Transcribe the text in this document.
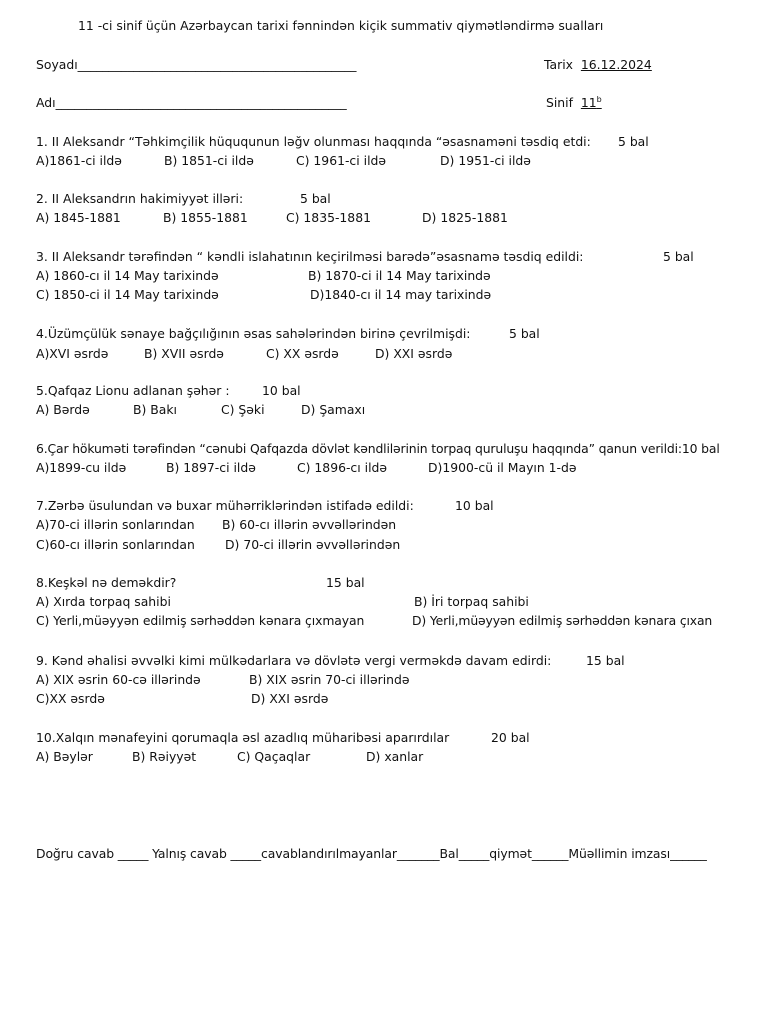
11 -ci sinif üçün Azərbaycan tarixi fənnindən kiçik summativ qiymətləndirmə sualları
Soyadı_____________________________________________	Tarix 16.12.2024
Adı_______________________________________________	Sinif 11$^b$
1. II Aleksandr “Təhkimçilik hüququnun ləğv olunması haqqında “əsasnaməni təsdiq etdi: 5 bal
A)1861-ci ildə	B) 1851-ci ildə	C) 1961-ci ildə	D) 1951-ci ildə
2. II Aleksandrın hakimiyyət illəri:	5 bal
A) 1845-1881	B) 1855-1881	C) 1835-1881	D) 1825-1881
3. II Aleksandr tərəfindən “ kəndli islahatının keçirilməsi barədə”əsasnamə təsdiq edildi:	5 bal
A) 1860-cı il 14 May tarixində	B) 1870-ci il 14 May tarixində
C) 1850-ci il 14 May tarixində	D)1840-cı il 14 may tarixində
4.Üzümçülük sənaye bağçılığının əsas sahələrindən birinə çevrilmişdi:	5 bal
A)XVI əsrdə	B) XVII əsrdə	C) XX əsrdə	D) XXI əsrdə
5.Qafqaz Lionu adlanan şəhər :	10 bal
A) Bərdə	B) Bakı	C) Şəki	D) Şamaxı
6.Çar hökuməti tərəfindən “cənubi Qafqazda dövlət kəndlilərinin torpaq quruluşu haqqında” qanun verildi:10 bal
A)1899-cu ildə	B) 1897-ci ildə	C) 1896-cı ildə	D)1900-cü il Mayın 1-də
7.Zərbə üsulundan və buxar mühərriklərindən istifadə edildi:	10 bal
A)70-ci illərin sonlarından B) 60-cı illərin əvvəllərindən
C)60-cı illərin sonlarından D) 70-ci illərin əvvəllərindən
8.Keşkəl nə deməkdir?	15 bal
A) Xırda torpaq sahibi	B) İri torpaq sahibi
C) Yerli,müəyyən edilmiş sərhəddən kənara çıxmayan	D) Yerli,müəyyən edilmiş sərhəddən kənara çıxan
9. Kənd əhalisi əvvəlki kimi mülkədarlara və dövlətə vergi verməkdə davam edirdi:	15 bal
A) XIX əsrin 60-cə illərində	B) XIX əsrin 70-ci illərində
C)XX əsrdə	D) XXI əsrdə
10.Xalqın mənafeyini qorumaqla əsl azadlıq müharibəsi aparırdılar	20 bal
A) Bəylər	B) Rəiyyət	C) Qaçaqlar	D) xanlar
Doğru cavab _____ Yalnış cavab _____cavablandırılmayanlar_______Bal_____qiymət______Müəllimin imzası______
